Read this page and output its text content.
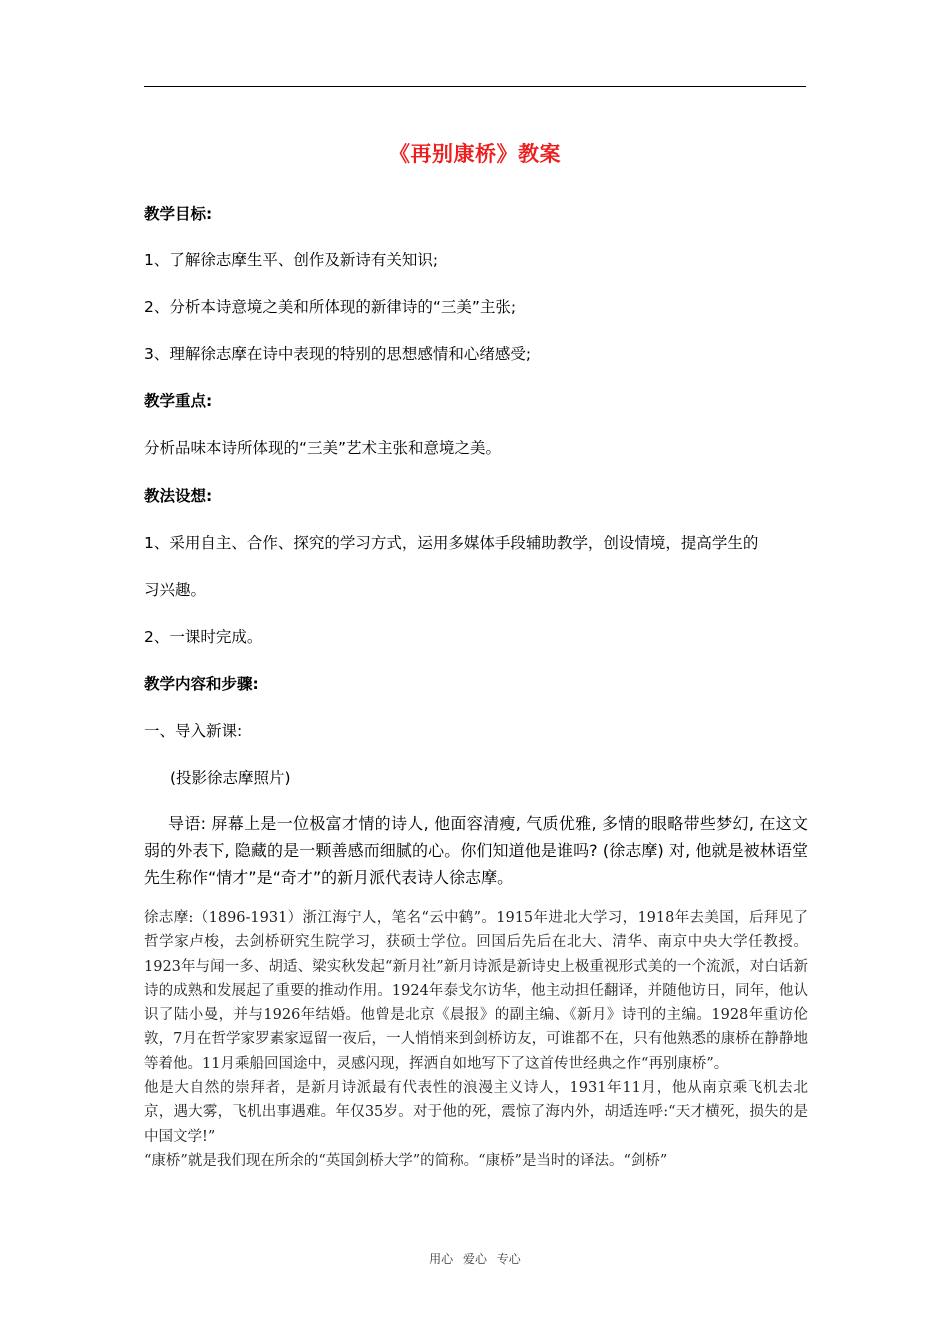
《再别康桥》教案
教学目标:
1、了解徐志摩生平、创作及新诗有关知识;
2、分析本诗意境之美和所体现的新律诗的“三美”主张;
3、理解徐志摩在诗中表现的特别的思想感情和心绪感受;
教学重点:
分析品味本诗所体现的“三美”艺术主张和意境之美。
教法设想:
1、采用自主、合作、探究的学习方式，运用多媒体手段辅助教学，创设情境，提高学生的
习兴趣。
2、一课时完成。
教学内容和步骤:
一、导入新课:
(投影徐志摩照片)
导语: 屏幕上是一位极富才情的诗人, 他面容清瘦, 气质优雅, 多情的眼略带些梦幻, 在这文弱的外表下, 隐藏的是一颗善感而细腻的心。你们知道他是谁吗? (徐志摩) 对, 他就是被林语堂先生称作“情才”是“奇才”的新月派代表诗人徐志摩。

徐志摩:（1896-1931）浙江海宁人，笔名“云中鹤”。1915年进北大学习，1918年去美国，后拜见了哲学家卢梭，去剑桥研究生院学习，获硕士学位。回国后先后在北大、清华、南京中央大学任教授。1923年与闻一多、胡适、梁实秋发起“新月社”新月诗派是新诗史上极重视形式美的一个流派，对白话新诗的成熟和发展起了重要的推动作用。1924年泰戈尔访华，他主动担任翻译，并随他访日，同年，他认识了陆小曼，并与1926年结婚。他曾是北京《晨报》的副主编、《新月》诗刊的主编。1928年重访伦敦，7月在哲学家罗素家逗留一夜后，一人悄悄来到剑桥访友，可谁都不在，只有他熟悉的康桥在静静地等着他。11月乘船回国途中，灵感闪现，挥洒自如地写下了这首传世经典之作“再别康桥”。

他是大自然的崇拜者，是新月诗派最有代表性的浪漫主义诗人，1931年11月，他从南京乘飞机去北京，遇大雾，飞机出事遇难。年仅35岁。对于他的死，震惊了海内外，胡适连呼:“天才横死，损失的是中国文学!”

“康桥”就是我们现在所余的“英国剑桥大学”的简称。“康桥”是当时的译法。“剑桥”

用心 爱心 专心
